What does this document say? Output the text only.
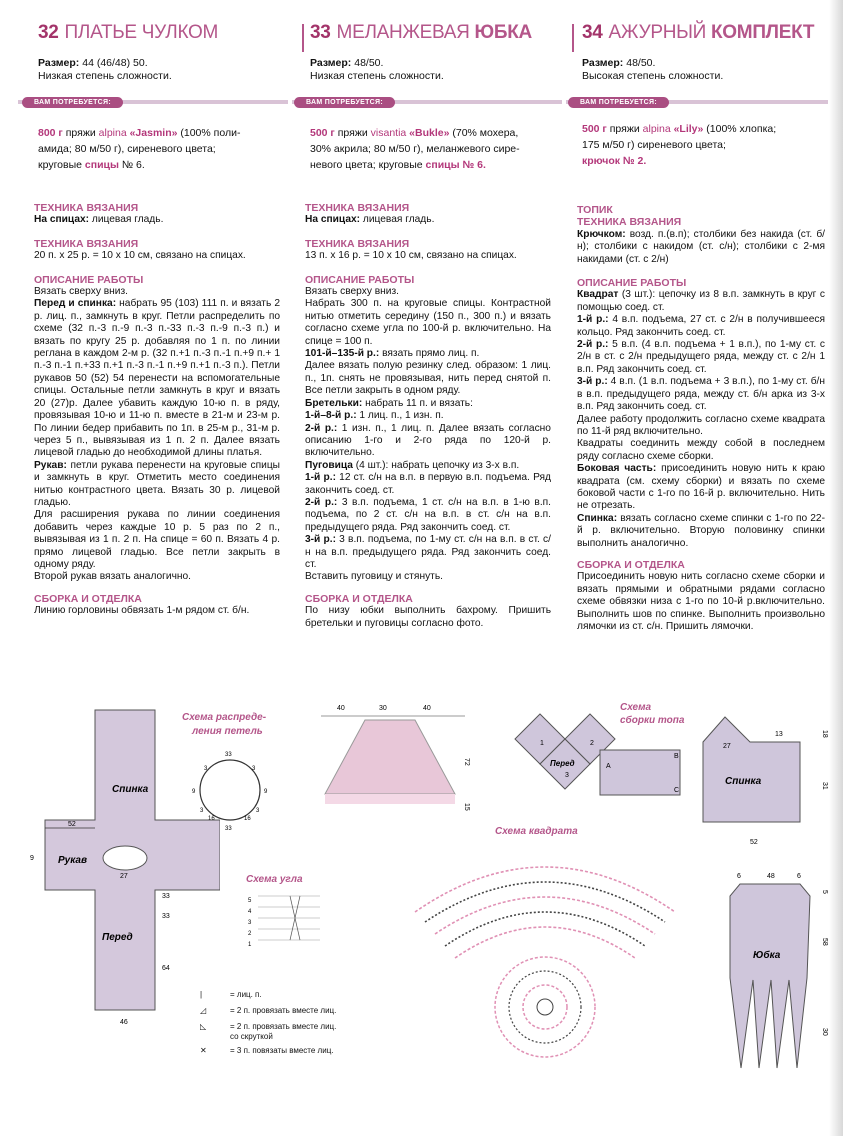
32 ПЛАТЬЕ ЧУЛКОМ	33 МЕЛАНЖЕВАЯ ЮБКА	34 АЖУРНЫЙ КОМПЛЕКТ
Размер: 44 (46/48) 50.
Низкая степень сложности.
Размер: 48/50.
Низкая степень сложности.
Размер: 48/50.
Высокая степень сложности.
ВАМ ПОТРЕБУЕТСЯ:	ВАМ ПОТРЕБУЕТСЯ:	ВАМ ПОТРЕБУЕТСЯ:
800 г пряжи alpina «Jasmin» (100% поли-
амида; 80 м/50 г), сиреневого цвета;
круговые спицы № 6.
500 г пряжи visantia «Bukle» (70% мохера,
30% акрила; 80 м/50 г), меланжевого сире-
невого цвета; круговые спицы № 6.
500 г пряжи alpina «Lily» (100% хлопка;
175 м/50 г) сиреневого цвета;
крючок № 2.
ТЕХНИКА ВЯЗАНИЯ

На спицах: лицевая гладь.

ТЕХНИКА ВЯЗАНИЯ

20 п. х 25 р. = 10 х 10 см, связано на спицах.

ОПИСАНИЕ РАБОТЫ

Вязать сверху вниз.

Перед и спинка: набрать 95 (103) 111 п. и вязать 2 р. лиц. п., замкнуть в круг. Петли распределить по схеме (32 п.-3 п.-9 п.-3 п.-33 п.-3 п.-9 п.-3 п.) и вязать по кругу 25 р. добавляя по 1 п. по линии реглана в каждом 2-м р. (32 п.+1 п.-3 п.-1 п.+9 п.+ 1 п.-3 п.-1 п.+33 п.+1 п.-3 п.-1 п.+9 п.+1 п.-3 п.). Петли рукавов 50 (52) 54 перенести на вспомогательные спицы. Остальные петли замкнуть в круг и вязать 20 (27)р. Далее убавить каждую 10-ю п. в ряду, провязывая 10-ю и 11-ю п. вместе в 21-м и 23-м р. По линии бедер прибавить по 1п. в 25-м р., 31-м р. через 5 п., вывязывая из 1 п. 2 п. Далее вязать лицевой гладью до необходимой длины платья.

Рукав: петли рукава перенести на круговые спицы и замкнуть в круг. Отметить место соединения нитью контрастного цвета. Вязать 30 р. лицевой гладью.

Для расширения рукава по линии соединения добавить через каждые 10 р. 5 раз по 2 п., вывязывая из 1 п. 2 п. На спице = 60 п. Вязать 4 р. прямо лицевой гладью. Все петли закрыть в одному ряду.

Второй рукав вязать аналогично.

СБОРКА И ОТДЕЛКА

Линию горловины обвязать 1-м рядом ст. б/н.

ТЕХНИКА ВЯЗАНИЯ

На спицах: лицевая гладь.

ТЕХНИКА ВЯЗАНИЯ

13 п. х 16 р. = 10 х 10 см, связано на спицах.

ОПИСАНИЕ РАБОТЫ

Вязать сверху вниз.

Набрать 300 п. на круговые спицы. Контрастной нитью отметить середину (150 п., 300 п.) и вязать согласно схеме угла по 100-й р. включительно. На спице = 100 п.

101-й–135-й р.: вязать прямо лиц. п.

Далее вязать полую резинку след. образом: 1 лиц. п., 1п. снять не провязывая, нить перед снятой п. Все петли закрыть в одном ряду.

Бретельки: набрать 11 п. и вязать:

1-й–8-й р.: 1 лиц. п., 1 изн. п.

2-й р.: 1 изн. п., 1 лиц. п. Далее вязать согласно описанию 1-го и 2-го ряда по 120-й р. включительно.

Пуговица (4 шт.): набрать цепочку из 3-х в.п.

1-й р.: 12 ст. с/н на в.п. в первую в.п. подъема. Ряд закончить соед. ст.

2-й р.: 3 в.п. подъема, 1 ст. с/н на в.п. в 1-ю в.п. подъема, по 2 ст. с/н на в.п. в ст. с/н на в.п. предыдущего ряда. Ряд закончить соед. ст.

3-й р.: 3 в.п. подъема, по 1-му ст. с/н на в.п. в ст. с/н на в.п. предыдущего ряда. Ряд закончить соед. ст.

Вставить пуговицу и стянуть.

СБОРКА И ОТДЕЛКА

По низу юбки выполнить бахрому. Пришить бретельки и пуговицы согласно фото.

ТОПИК
ТЕХНИКА ВЯЗАНИЯ

Крючком: возд. п.(в.п); столбики без накида (ст. б/н); столбики с накидом (ст. с/н); столбики с 2-мя накидами (ст. с 2/н)

ОПИСАНИЕ РАБОТЫ

Квадрат (3 шт.): цепочку из 8 в.п. замкнуть в круг с помощью соед. ст.

1-й р.: 4 в.п. подъема, 27 ст. с 2/н в получившееся кольцо. Ряд закончить соед. ст.

2-й р.: 5 в.п. (4 в.п. подъема + 1 в.п.), по 1-му ст. с 2/н в ст. с 2/н предыдущего ряда, между ст. с 2/н 1 в.п. Ряд закончить соед. ст.

3-й р.: 4 в.п. (1 в.п. подъема + 3 в.п.), по 1-му ст. б/н в в.п. предыдущего ряда, между ст. б/н арка из 3-х в.п. Ряд закончить соед. ст.

Далее работу продолжить согласно схеме квадрата по 11-й ряд включительно.

Квадраты соединить между собой в последнем ряду согласно схеме сборки.

Боковая часть: присоединить новую нить к краю квадрата (см. схему сборки) и вязать по схеме боковой части с 1-го по 16-й р. включительно. Нить не отрезать.

Спинка: вязать согласно схеме спинки с 1-го по 22-й р. включительно. Вторую половинку спинки выполнить аналогично.

СБОРКА И ОТДЕЛКА

Присоединить новую нить согласно схеме сборки и вязать прямыми и обратными рядами согласно схеме обвязки низа с 1-го по 10-й р.включительно. Выполнить шов по спинке. Выполнить произвольно лямочки из ст. с/н. Пришить лямочки.

Спинка
Рукав
Перед
52
9
27
33
33
64
46
Схема распреде-
ления петель
33
33
9	9
3	3
16	16
3	3
Схема угла
5
4
3
2
1
|	= лиц. п.
◿	= 2 п. провязать вместе лиц.
◺	= 2 п. провязать вместе лиц.
со скруткой
✕	= 3 п. повязаты вместе лиц.
40	30	40
72
15
Схема
сборки топа
1	2
3
Перед	A
B
C
Спинка
27
13	18
31
52
Схема квадрата
6	48	6
Юбка
5
58
30
